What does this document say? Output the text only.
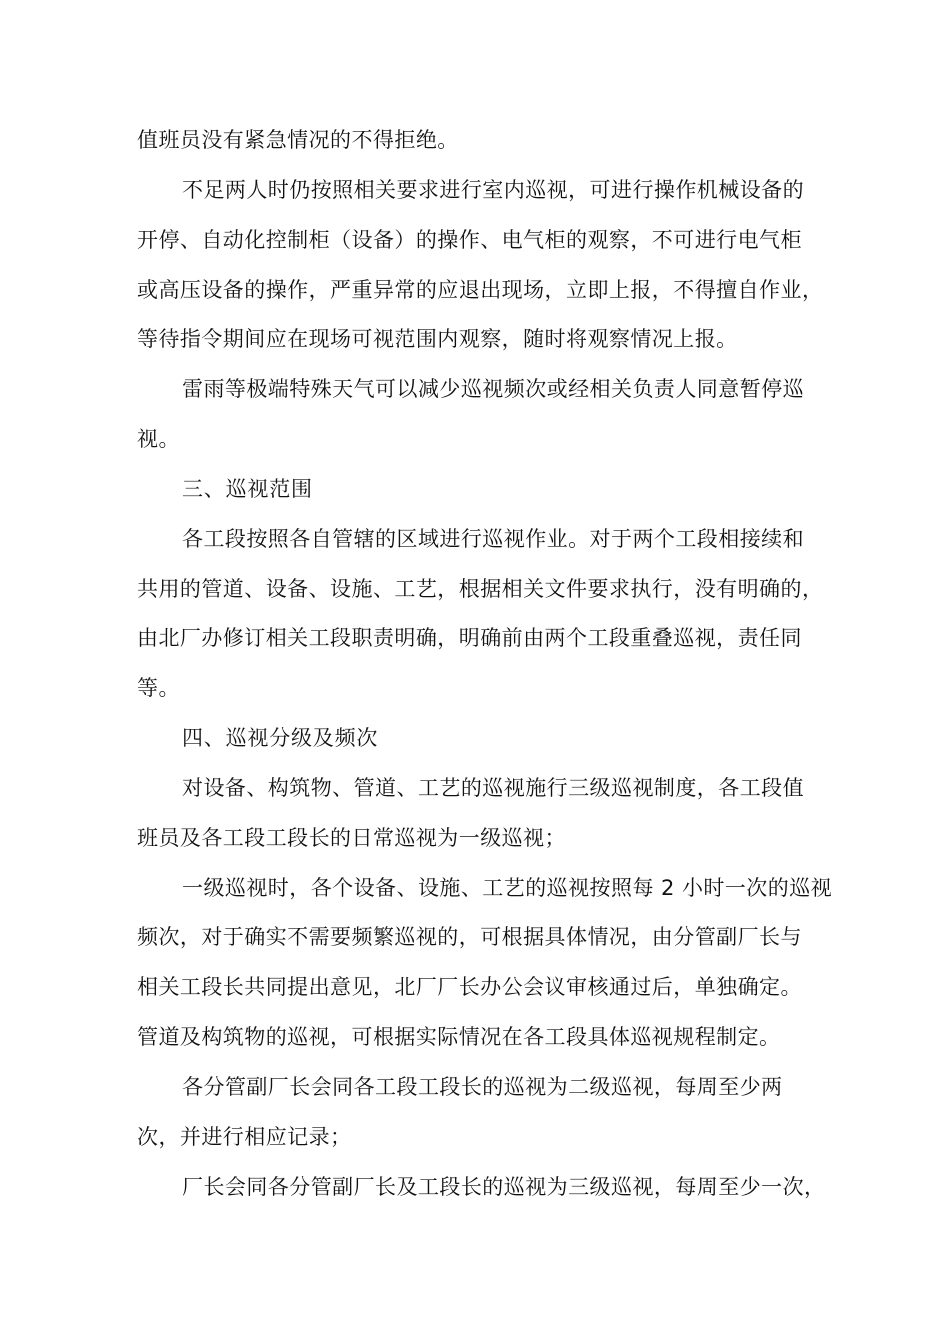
值班员没有紧急情况的不得拒绝。
不足两人时仍按照相关要求进行室内巡视，可进行操作机械设备的
开停、自动化控制柜（设备）的操作、电气柜的观察，不可进行电气柜
或高压设备的操作，严重异常的应退出现场，立即上报，不得擅自作业，
等待指令期间应在现场可视范围内观察，随时将观察情况上报。
雷雨等极端特殊天气可以减少巡视频次或经相关负责人同意暂停巡
视。
三、巡视范围
各工段按照各自管辖的区域进行巡视作业。对于两个工段相接续和
共用的管道、设备、设施、工艺，根据相关文件要求执行，没有明确的，
由北厂办修订相关工段职责明确，明确前由两个工段重叠巡视，责任同
等。
四、巡视分级及频次
对设备、构筑物、管道、工艺的巡视施行三级巡视制度，各工段值
班员及各工段工段长的日常巡视为一级巡视；
一级巡视时，各个设备、设施、工艺的巡视按照每 2 小时一次的巡视
频次，对于确实不需要频繁巡视的，可根据具体情况，由分管副厂长与
相关工段长共同提出意见，北厂厂长办公会议审核通过后，单独确定。
管道及构筑物的巡视，可根据实际情况在各工段具体巡视规程制定。
各分管副厂长会同各工段工段长的巡视为二级巡视，每周至少两
次，并进行相应记录；
厂长会同各分管副厂长及工段长的巡视为三级巡视，每周至少一次，
